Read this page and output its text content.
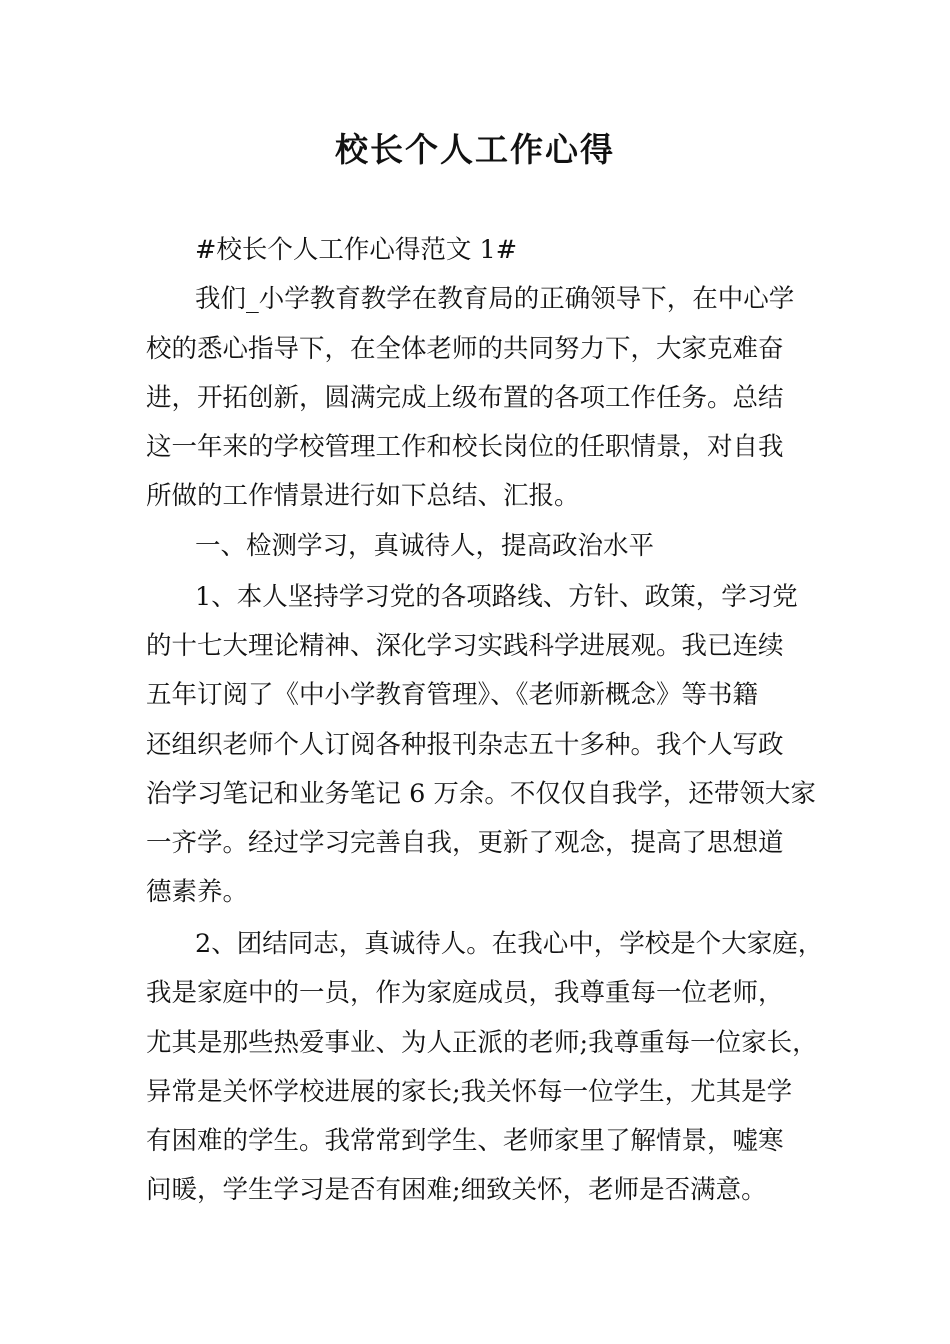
校长个人工作心得

#校长个人工作心得范文 1#

我们_小学教育教学在教育局的正确领导下，在中心学

校的悉心指导下，在全体老师的共同努力下，大家克难奋

进，开拓创新，圆满完成上级布置的各项工作任务。总结

这一年来的学校管理工作和校长岗位的任职情景，对自我

所做的工作情景进行如下总结、汇报。

一、检测学习，真诚待人，提高政治水平

1、本人坚持学习党的各项路线、方针、政策，学习党

的十七大理论精神、深化学习实践科学进展观。我已连续

五年订阅了《中小学教育管理》、《老师新概念》等书籍

还组织老师个人订阅各种报刊杂志五十多种。我个人写政

治学习笔记和业务笔记 6 万余。不仅仅自我学，还带领大家

一齐学。经过学习完善自我，更新了观念，提高了思想道

德素养。

2、团结同志，真诚待人。在我心中，学校是个大家庭，

我是家庭中的一员，作为家庭成员，我尊重每一位老师，

尤其是那些热爱事业、为人正派的老师;我尊重每一位家长，

异常是关怀学校进展的家长;我关怀每一位学生，尤其是学

有困难的学生。我常常到学生、老师家里了解情景，嘘寒

问暖，学生学习是否有困难;细致关怀，老师是否满意。
